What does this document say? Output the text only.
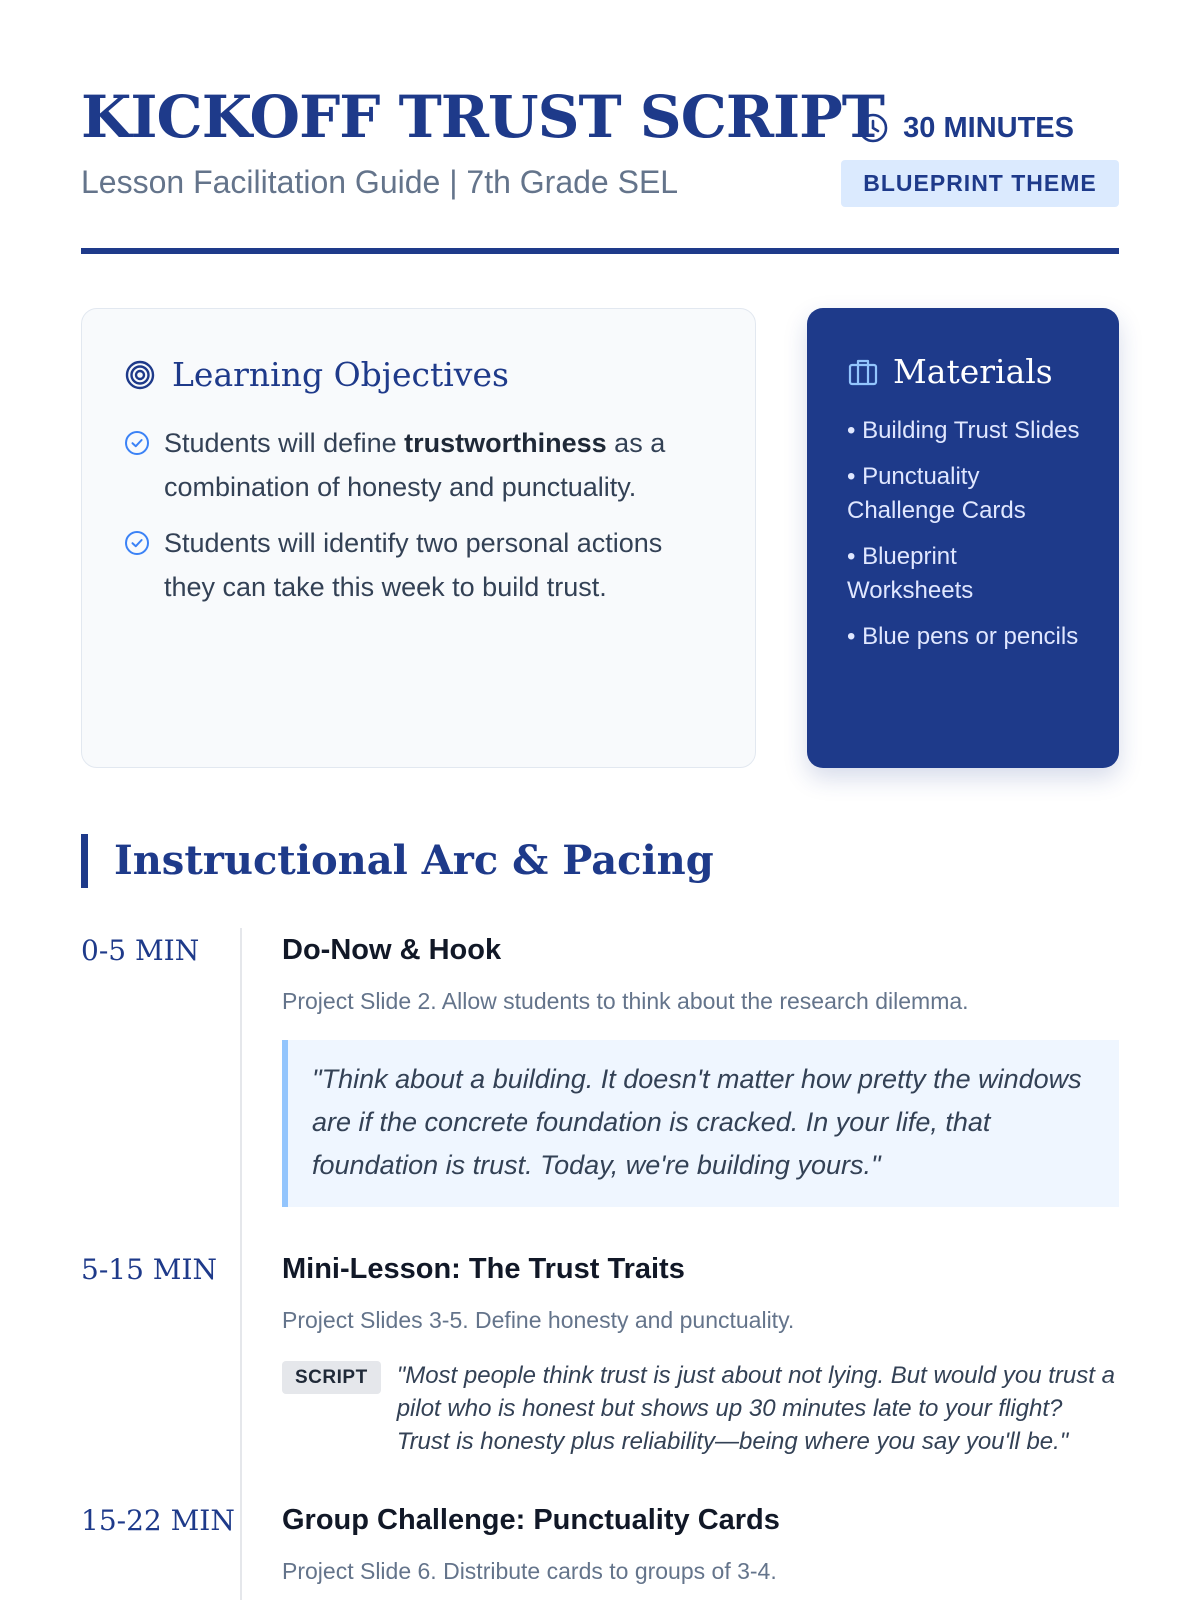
KICKOFF TRUST SCRIPT
Lesson Facilitation Guide | 7th Grade SEL
30 MINUTES
BLUEPRINT THEME
Learning Objectives
Students will define trustworthiness as a combination of honesty and punctuality.
Students will identify two personal actions they can take this week to build trust.
Materials
• Building Trust Slides
• Punctuality Challenge Cards
• Blueprint Worksheets
• Blue pens or pencils
Instructional Arc & Pacing
0-5 MIN	Do-Now & Hook
Project Slide 2. Allow students to think about the research dilemma.
"Think about a building. It doesn't matter how pretty the windows are if the concrete foundation is cracked. In your life, that foundation is trust. Today, we're building yours."
5-15 MIN	Mini-Lesson: The Trust Traits
Project Slides 3-5. Define honesty and punctuality.
SCRIPT	"Most people think trust is just about not lying. But would you trust a pilot who is honest but shows up 30 minutes late to your flight? Trust is honesty plus reliability—being where you say you'll be."
15-22 MIN Group Challenge: Punctuality Cards
Project Slide 6. Distribute cards to groups of 3-4.
